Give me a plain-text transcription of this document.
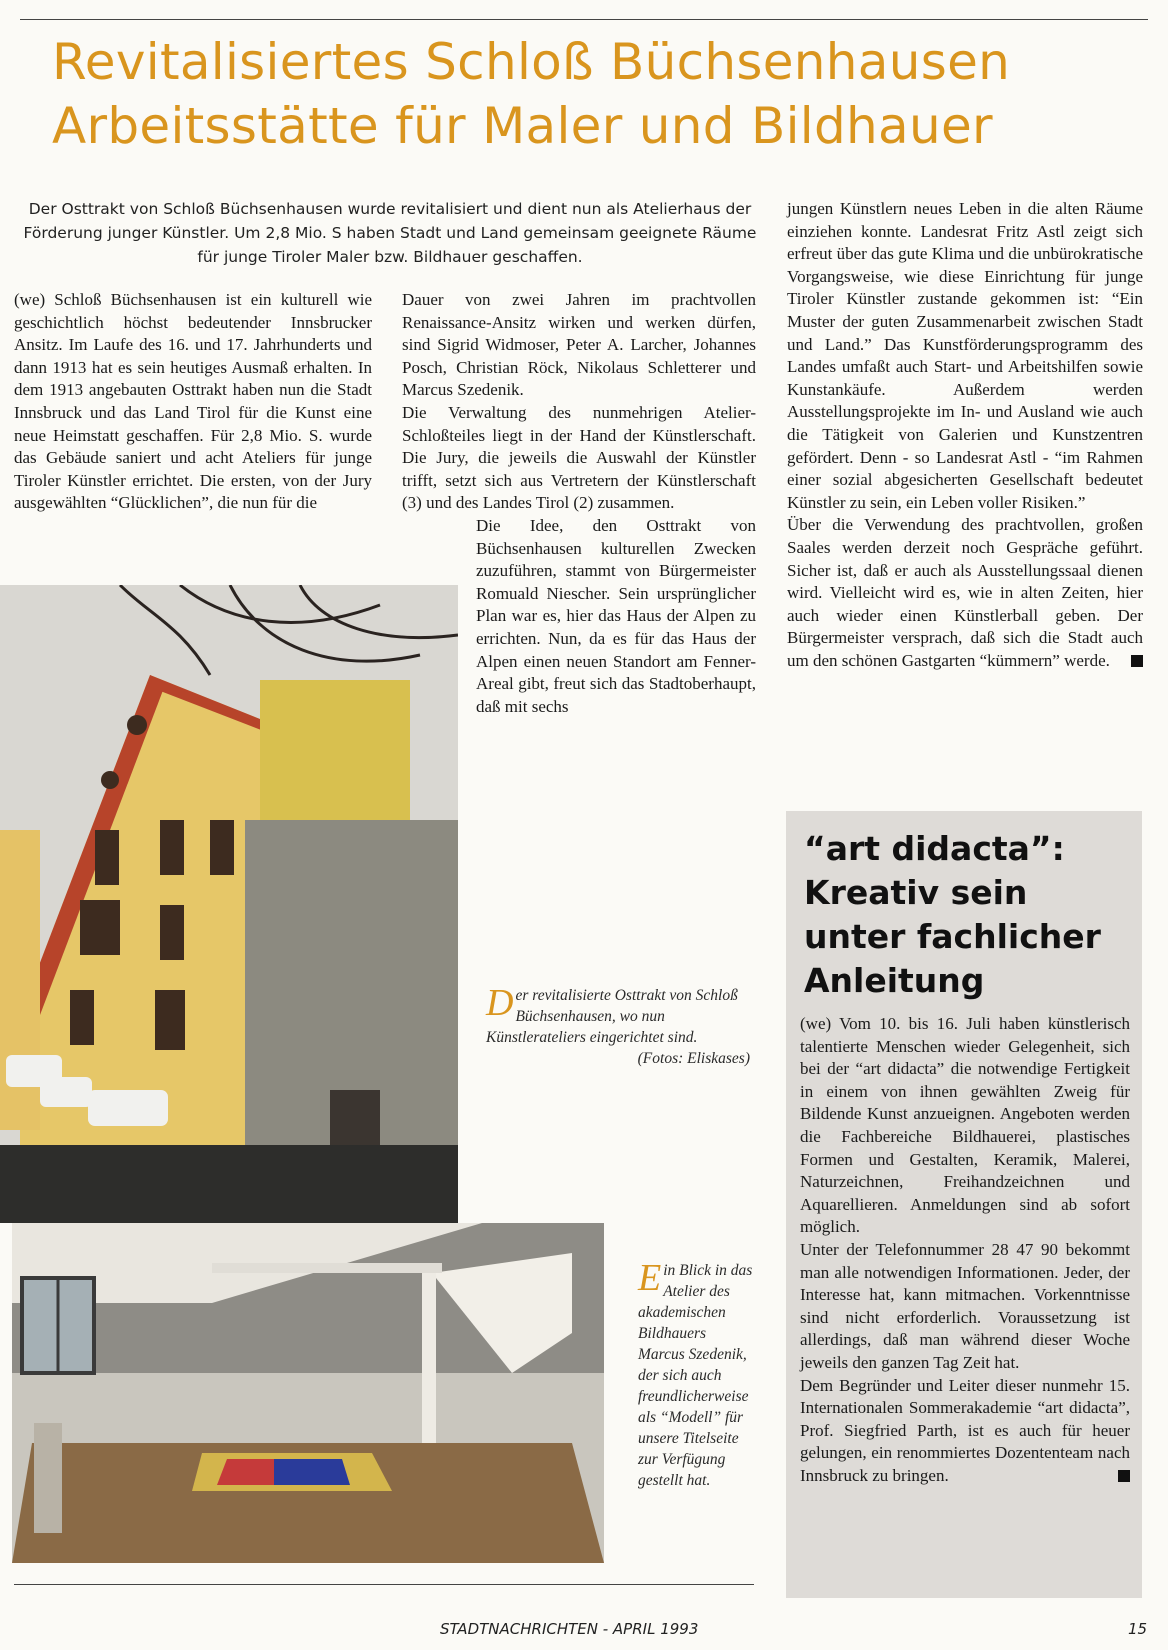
Revitalisiertes Schloß Büchsenhausen
Arbeitsstätte für Maler und Bildhauer
Der Osttrakt von Schloß Büchsenhausen wurde revitalisiert und dient nun als Atelierhaus der Förderung junger Künstler. Um 2,8 Mio. S haben Stadt und Land gemeinsam geeignete Räume für junge Tiroler Maler bzw. Bildhauer geschaffen.

(we) Schloß Büchsenhausen ist ein kulturell wie geschichtlich höchst bedeutender Innsbrucker Ansitz. Im Laufe des 16. und 17. Jahrhunderts und dann 1913 hat es sein heutiges Ausmaß erhalten. In dem 1913 angebauten Osttrakt haben nun die Stadt Innsbruck und das Land Tirol für die Kunst eine neue Heimstatt geschaffen. Für 2,8 Mio. S. wurde das Gebäude saniert und acht Ateliers für junge Tiroler Künstler errichtet. Die ersten, von der Jury ausgewählten “Glücklichen”, die nun für die

Dauer von zwei Jahren im prachtvollen Renaissance-Ansitz wirken und werken dürfen, sind Sigrid Widmoser, Peter A. Larcher, Johannes Posch, Christian Röck, Nikolaus Schletterer und Marcus Szedenik.

Die Verwaltung des nunmehrigen Atelier-Schloßteiles liegt in der Hand der Künstlerschaft. Die Jury, die jeweils die Auswahl der Künstler trifft, setzt sich aus Vertretern der Künstlerschaft (3) und des Landes Tirol (2) zusammen.

Die Idee, den Osttrakt von Büchsenhausen kulturellen Zwecken zuzuführen, stammt von Bürgermeister Romuald Niescher. Sein ursprünglicher Plan war es, hier das Haus der Alpen zu errichten. Nun, da es für das Haus der Alpen einen neuen Standort am Fenner-Areal gibt, freut sich das Stadtoberhaupt, daß mit sechs

jungen Künstlern neues Leben in die alten Räume einziehen konnte. Landesrat Fritz Astl zeigt sich erfreut über das gute Klima und die unbürokratische Vorgangsweise, wie diese Einrichtung für junge Tiroler Künstler zustande gekommen ist: “Ein Muster der guten Zusammenarbeit zwischen Stadt und Land.” Das Kunstförderungsprogramm des Landes umfaßt auch Start- und Arbeitshilfen sowie Kunstankäufe. Außerdem werden Ausstellungsprojekte im In- und Ausland wie auch die Tätigkeit von Galerien und Kunstzentren gefördert. Denn - so Landesrat Astl - “im Rahmen einer sozial abgesicherten Gesellschaft bedeutet Künstler zu sein, ein Leben voller Risiken.”

Über die Verwendung des prachtvollen, großen Saales werden derzeit noch Gespräche geführt. Sicher ist, daß er auch als Ausstellungssaal dienen wird. Vielleicht wird es, wie in alten Zeiten, hier auch wieder einen Künstlerball geben. Der Bürgermeister versprach, daß sich die Stadt auch um den schönen Gastgarten “kümmern” werde.

Der revitalisierte Osttrakt von Schloß Büchsenhausen, wo nun Künstlerateliers eingerichtet sind.
(Fotos: Eliskases)
Ein Blick in das Atelier des akademischen Bildhauers Marcus Szedenik, der sich auch freundlicherweise als “Modell” für unsere Titelseite zur Verfügung gestellt hat.
“art didacta”: Kreativ sein unter fachlicher Anleitung

(we) Vom 10. bis 16. Juli haben künstlerisch talentierte Menschen wieder Gelegenheit, sich bei der “art didacta” die notwendige Fertigkeit in einem von ihnen gewählten Zweig für Bildende Kunst anzueignen. Angeboten werden die Fachbereiche Bildhauerei, plastisches Formen und Gestalten, Keramik, Malerei, Naturzeichnen, Freihandzeichnen und Aquarellieren. Anmeldungen sind ab sofort möglich.

Unter der Telefonnummer 28 47 90 bekommt man alle notwendigen Informationen. Jeder, der Interesse hat, kann mitmachen. Vorkenntnisse sind nicht erforderlich. Voraussetzung ist allerdings, daß man während dieser Woche jeweils den ganzen Tag Zeit hat.

Dem Begründer und Leiter dieser nunmehr 15. Internationalen Sommerakademie “art didacta”, Prof. Siegfried Parth, ist es auch für heuer gelungen, ein renommiertes Dozententeam nach Innsbruck zu bringen.

STADTNACHRICHTEN - APRIL 1993	15
